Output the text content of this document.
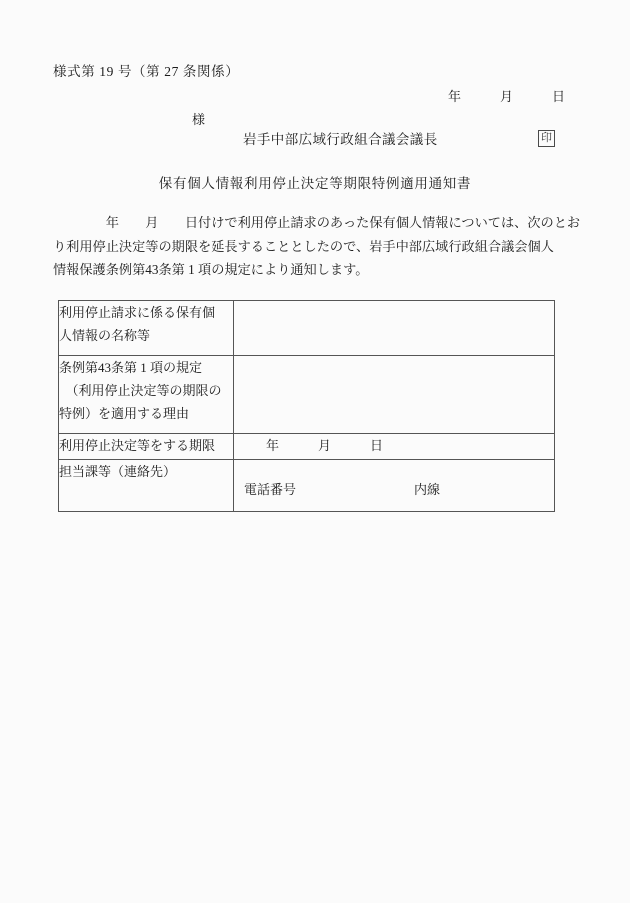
様式第 19 号（第 27 条関係）
年　　　月　　　日
様
岩手中部広域行政組合議会議長	印
保有個人情報利用停止決定等期限特例適用通知書
　　　　年　　月　　日付けで利用停止請求のあった保有個人情報については、次のとお
り利用停止決定等の期限を延長することとしたので、岩手中部広域行政組合議会個人
情報保護条例第43条第 1 項の規定により通知します。
利用停止請求に係る保有個
人情報の名称等	

条例第43条第 1 項の規定
　（利用停止決定等の期限の
特例）を適用する理由	

利用停止決定等をする期限	年　　　月　　　日

担当課等（連絡先）	電話番号 内線
